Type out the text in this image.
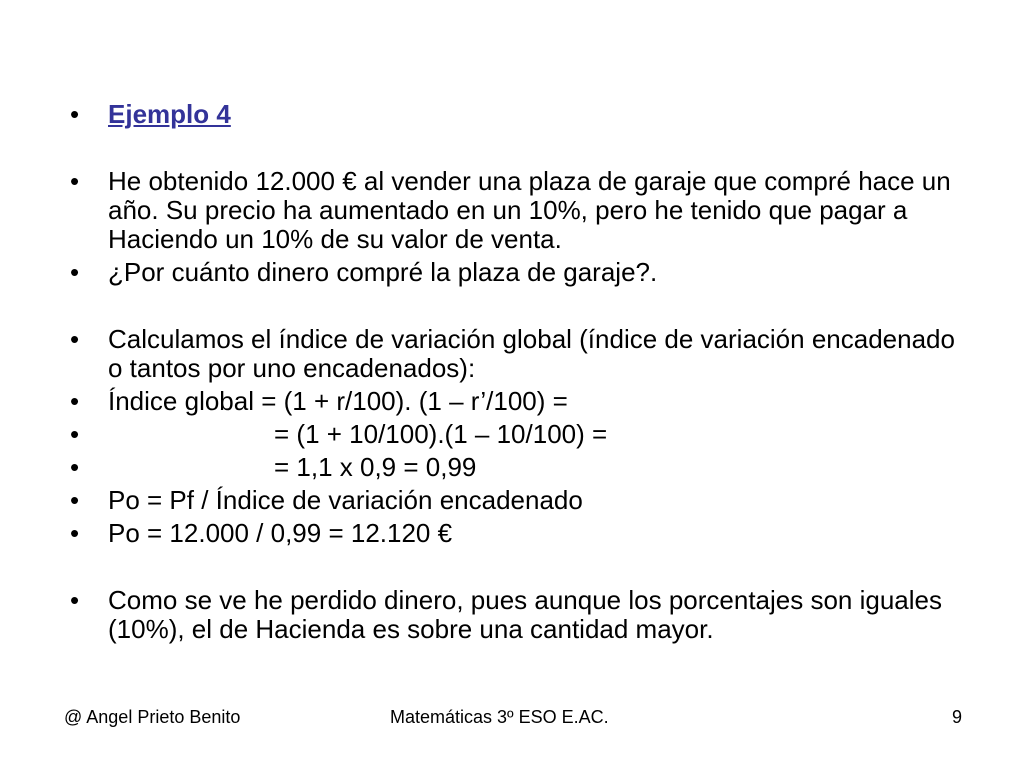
• Ejemplo 4
• He obtenido 12.000 € al vender una plaza de garaje que compré hace un año. Su precio ha aumentado en un 10%, pero he tenido que pagar a Haciendo un 10% de su valor de venta.
• ¿Por cuánto dinero compré la plaza de garaje?.
• Calculamos el índice de variación global (índice de variación encadenado o tantos por uno encadenados):
• Índice global = (1 + r/100). (1 – r’/100) =
•	= (1 + 10/100).(1 – 10/100) =
•	= 1,1 x 0,9 = 0,99
• Po = Pf / Índice de variación encadenado
• Po = 12.000 / 0,99 = 12.120 €
• Como se ve he perdido dinero, pues aunque los porcentajes son iguales (10%), el de Hacienda es sobre una cantidad mayor.
@ Angel Prieto Benito	Matemáticas 3º ESO E.AC.	9
